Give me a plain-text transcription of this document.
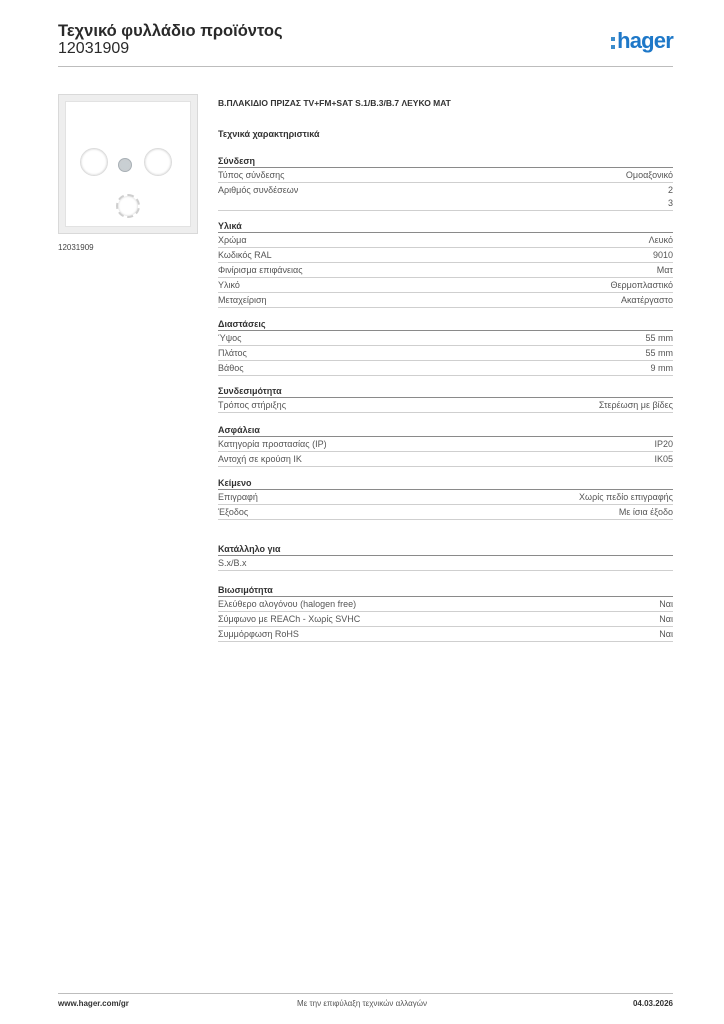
Τεχνικό φυλλάδιο προϊόντος
12031909	hager
12031909
Β.ΠΛΑΚΙΔΙΟ ΠΡΙΖΑΣ TV+FM+SAT S.1/B.3/B.7 ΛΕΥΚΟ ΜΑΤ
Τεχνικά χαρακτηριστικά
Σύνδεση
Τύπος σύνδεσης	Ομοαξονικό
Αριθμός συνδέσεων	2
3
Υλικά
Χρώμα	Λευκό
Κωδικός RAL	9010
Φινίρισμα επιφάνειας	Ματ
Υλικό	Θερμοπλαστικό
Μεταχείριση	Ακατέργαστο
Διαστάσεις
Ύψος	55 mm
Πλάτος	55 mm
Βάθος	9 mm
Συνδεσιμότητα
Τρόπος στήριξης	Στερέωση με βίδες
Ασφάλεια
Κατηγορία προστασίας (IP)	IP20
Αντοχή σε κρούση IK	IK05
Κείμενο
Επιγραφή	Χωρίς πεδίο επιγραφής
Έξοδος	Με ίσια έξοδο
Κατάλληλο για
S.x/B.x
Βιωσιμότητα
Ελεύθερο αλογόνου (halogen free)	Ναι
Σύμφωνο με REACh - Χωρίς SVHC	Ναι
Συμμόρφωση RoHS	Ναι
www.hager.com/gr	Με την επιφύλαξη τεχνικών αλλαγών	04.03.2026
